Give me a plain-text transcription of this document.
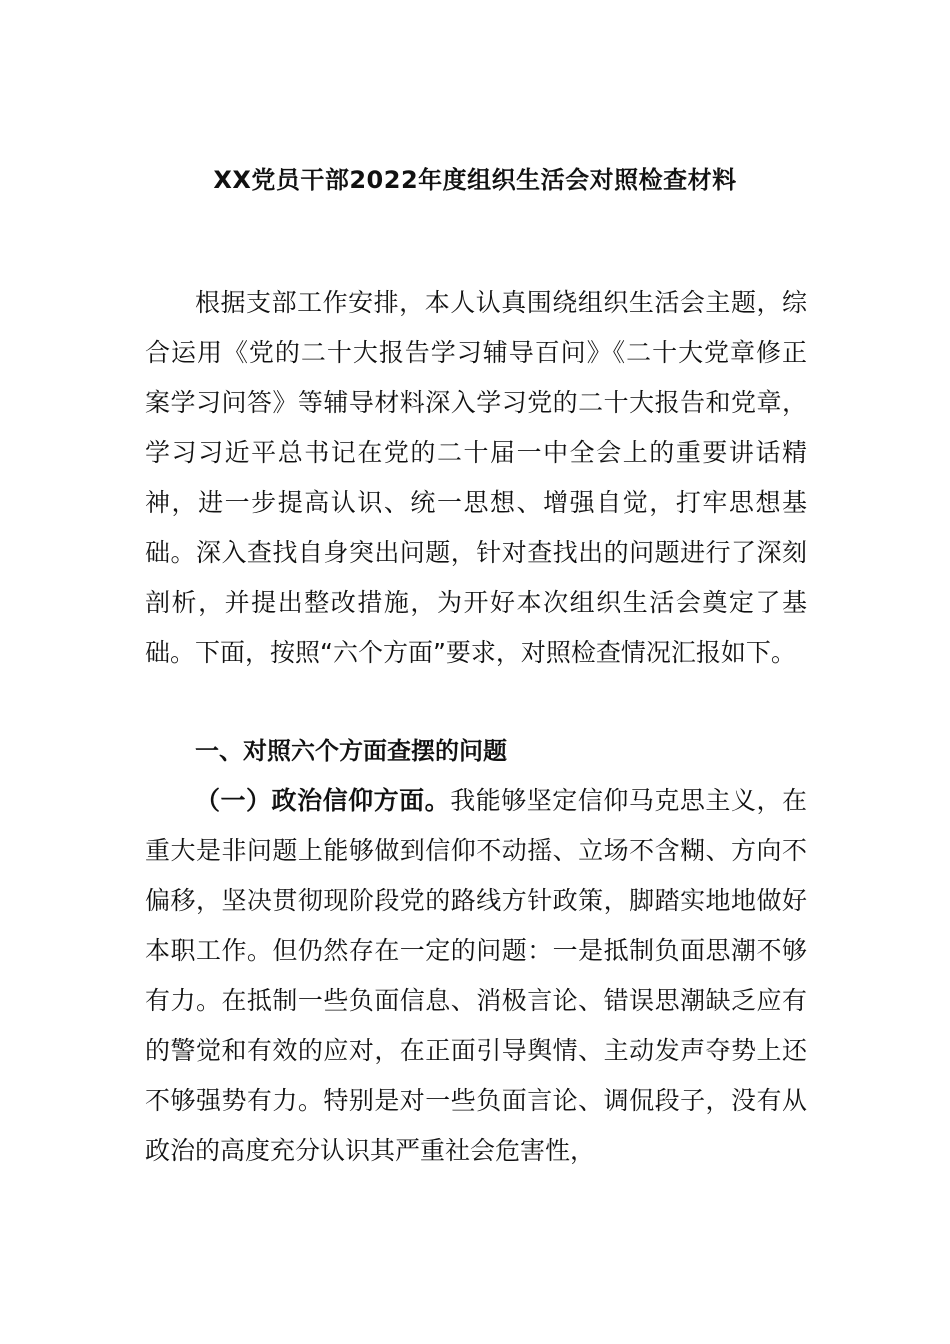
XX党员干部2022年度组织生活会对照检查材料

根据支部工作安排，本人认真围绕组织生活会主题，综合运用《党的二十大报告学习辅导百问》《二十大党章修正案学习问答》等辅导材料深入学习党的二十大报告和党章，学习习近平总书记在党的二十届一中全会上的重要讲话精神，进一步提高认识、统一思想、增强自觉，打牢思想基础。深入查找自身突出问题，针对查找出的问题进行了深刻剖析，并提出整改措施，为开好本次组织生活会奠定了基础。下面，按照“六个方面”要求，对照检查情况汇报如下。

一、对照六个方面查摆的问题
（一）政治信仰方面。我能够坚定信仰马克思主义，在重大是非问题上能够做到信仰不动摇、立场不含糊、方向不偏移，坚决贯彻现阶段党的路线方针政策，脚踏实地地做好本职工作。但仍然存在一定的问题：一是抵制负面思潮不够有力。在抵制一些负面信息、消极言论、错误思潮缺乏应有的警觉和有效的应对，在正面引导舆情、主动发声夺势上还不够强势有力。特别是对一些负面言论、调侃段子，没有从政治的高度充分认识其严重社会危害性，
